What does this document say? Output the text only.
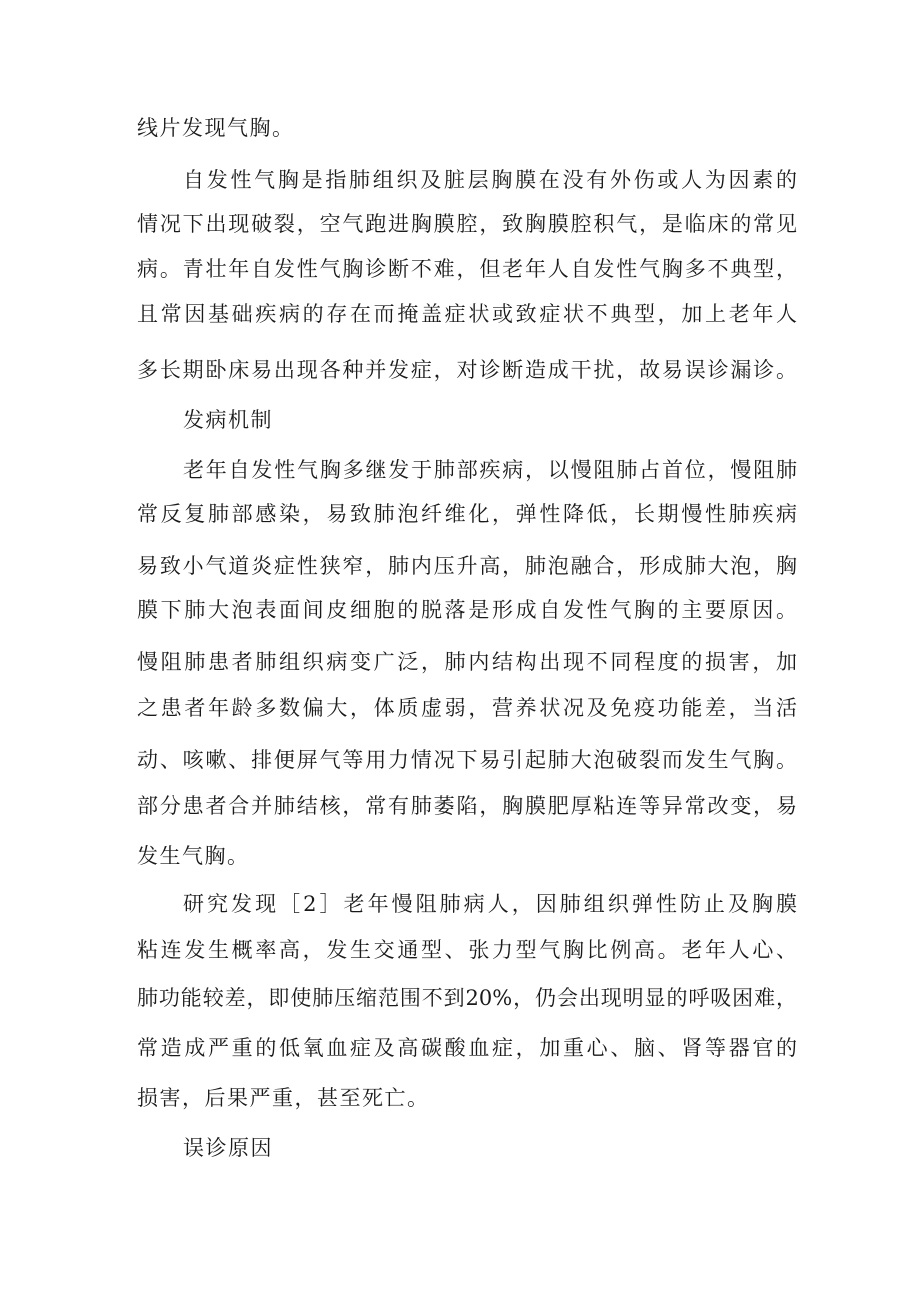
线片发现气胸。
自发性气胸是指肺组织及脏层胸膜在没有外伤或人为因素的
情况下出现破裂，空气跑进胸膜腔，致胸膜腔积气，是临床的常见
病。青壮年自发性气胸诊断不难，但老年人自发性气胸多不典型，
且常因基础疾病的存在而掩盖症状或致症状不典型，加上老年人
多长期卧床易出现各种并发症，对诊断造成干扰，故易误诊漏诊。
发病机制
老年自发性气胸多继发于肺部疾病，以慢阻肺占首位，慢阻肺
常反复肺部感染，易致肺泡纤维化，弹性降低，长期慢性肺疾病
易致小气道炎症性狭窄，肺内压升高，肺泡融合，形成肺大泡，胸
膜下肺大泡表面间皮细胞的脱落是形成自发性气胸的主要原因。
慢阻肺患者肺组织病变广泛，肺内结构出现不同程度的损害，加
之患者年龄多数偏大，体质虚弱，营养状况及免疫功能差，当活
动、咳嗽、排便屏气等用力情况下易引起肺大泡破裂而发生气胸。
部分患者合并肺结核，常有肺萎陷，胸膜肥厚粘连等异常改变，易
发生气胸。
研究发现［2］老年慢阻肺病人，因肺组织弹性防止及胸膜
粘连发生概率高，发生交通型、张力型气胸比例高。老年人心、
肺功能较差，即使肺压缩范围不到20%，仍会出现明显的呼吸困难，
常造成严重的低氧血症及高碳酸血症，加重心、脑、肾等器官的
损害，后果严重，甚至死亡。
误诊原因
